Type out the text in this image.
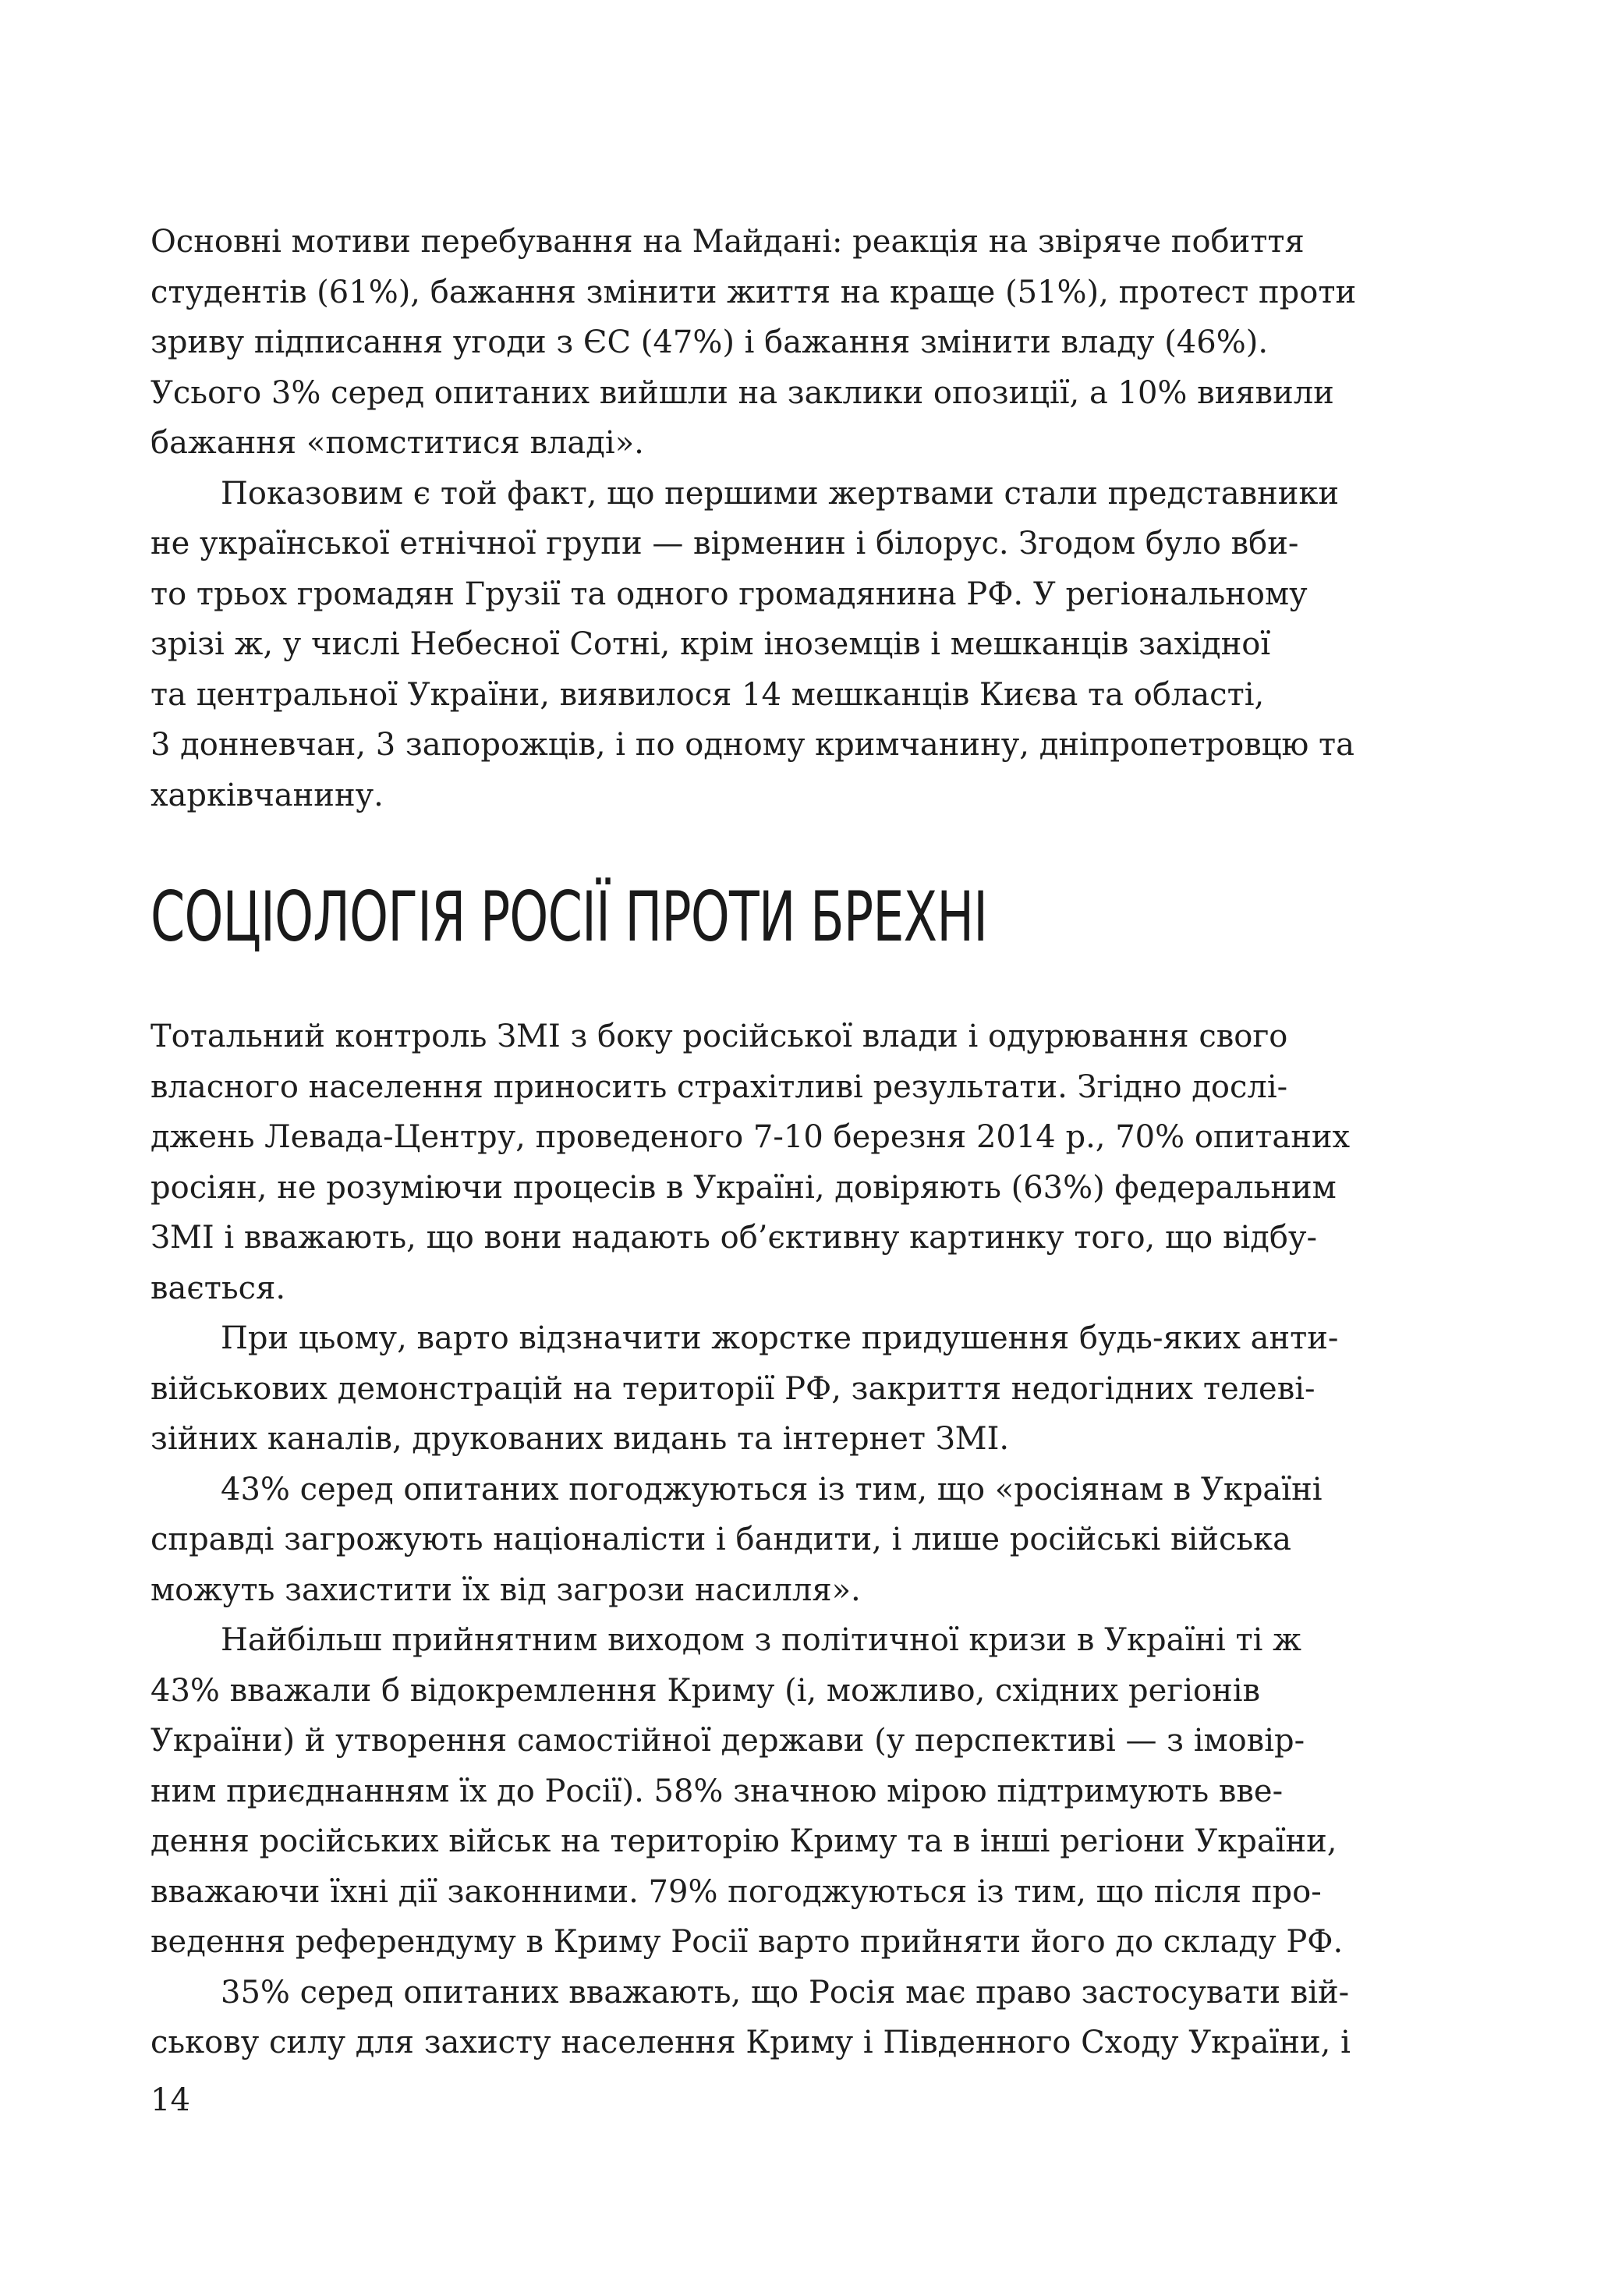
Основні мотиви перебування на Майдані: реакція на звіряче побиття
студентів (61%), бажання змінити життя на краще (51%), протест проти
зриву підписання угоди з ЄС (47%) і бажання змінити владу (46%).
Усього 3% серед опитаних вийшли на заклики опозиції, а 10% виявили
бажання «помститися владі».
Показовим є той факт, що першими жертвами стали представники
не української етнічної групи — вірменин і білорус. Згодом було вби-
то трьох громадян Грузії та одного громадянина РФ. У регіональному
зрізі ж, у числі Небесної Сотні, крім іноземців і мешканців західної
та центральної України, виявилося 14 мешканців Києва та області,
3 донневчан, 3 запорожців, і по одному кримчанину, дніпропетровцю та
харківчанину.
СОЦІОЛОГІЯ РОСІЇ ПРОТИ БРЕХНІ
Тотальний контроль ЗМІ з боку російської влади і одурювання свого
власного населення приносить страхітливі результати. Згідно дослі-
джень Левада-Центру, проведеного 7-10 березня 2014 р., 70% опитаних
росіян, не розуміючи процесів в Україні, довіряють (63%) федеральним
ЗМІ і вважають, що вони надають об’єктивну картинку того, що відбу-
вається.
При цьому, варто відзначити жорстке придушення будь-яких анти-
військових демонстрацій на території РФ, закриття недогідних телеві-
зійних каналів, друкованих видань та інтернет ЗМІ.
43% серед опитаних погоджуються із тим, що «росіянам в Україні
справді загрожують націоналісти і бандити, і лише російські війська
можуть захистити їх від загрози насилля».
Найбільш прийнятним виходом з політичної кризи в Україні ті ж
43% вважали б відокремлення Криму (і, можливо, східних регіонів
України) й утворення самостійної держави (у перспективі — з імовір-
ним приєднанням їх до Росії). 58% значною мірою підтримують вве-
дення російських військ на територію Криму та в інші регіони України,
вважаючи їхні дії законними. 79% погоджуються із тим, що після про-
ведення референдуму в Криму Росії варто прийняти його до складу РФ.
35% серед опитаних вважають, що Росія має право застосувати вій-
ськову силу для захисту населення Криму і Південного Сходу України, і
14
